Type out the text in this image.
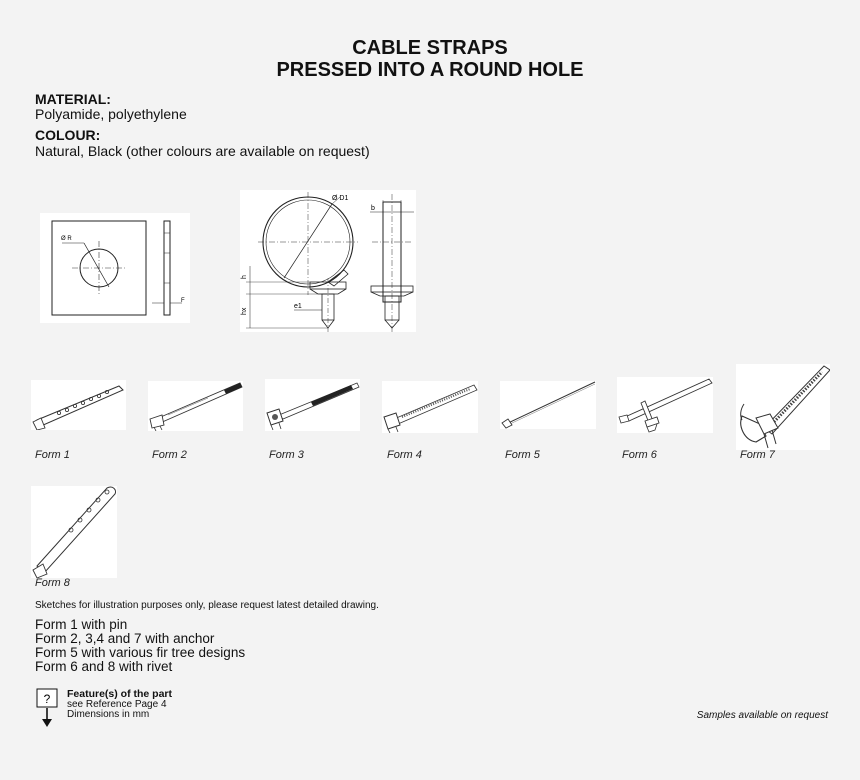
CABLE STRAPS
PRESSED INTO A ROUND HOLE
MATERIAL:
Polyamide, polyethylene
COLOUR:
Natural, Black (other colours are available on request)
Ø R
F
Ø D1
h
hx
e1
b
Form 1	Form 2	Form 3	Form 4	Form 5	Form 6	Form 7
Form 8
Sketches for illustration purposes only, please request latest detailed drawing.
Form 1 with pin
Form 2, 3,4 and 7 with anchor
Form 5 with various fir tree designs
Form 6 and 8 with rivet
? Feature(s) of the part
see Reference Page 4
Dimensions in mm	Samples available on request
